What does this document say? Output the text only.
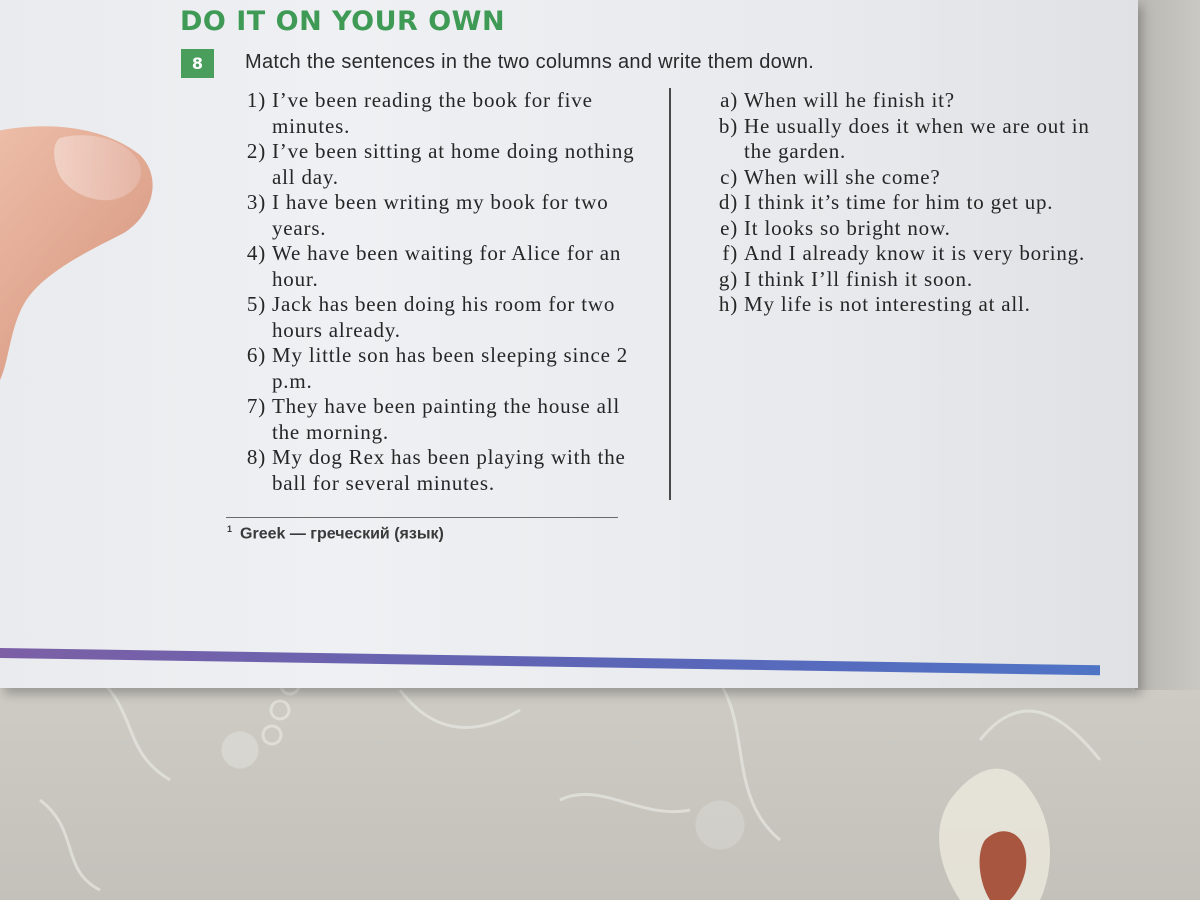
DO IT ON YOUR OWN
8	Match the sentences in the two columns and write them down.
1) I’ve been reading the book for five minutes.
2) I’ve been sitting at home doing nothing all day.
3) I have been writing my book for two years.
4) We have been waiting for Alice for an hour.
5) Jack has been doing his room for two hours already.
6) My little son has been sleeping since 2 p.m.
7) They have been painting the house all the morning.
8) My dog Rex has been playing with the ball for several minutes.
a) When will he finish it?
b) He usually does it when we are out in the garden.
c) When will she come?
d) I think it’s time for him to get up.
e) It looks so bright now.
f) And I already know it is very boring.
g) I think I’ll finish it soon.
h) My life is not interesting at all.
$^1$ Greek — греческий (язык)
